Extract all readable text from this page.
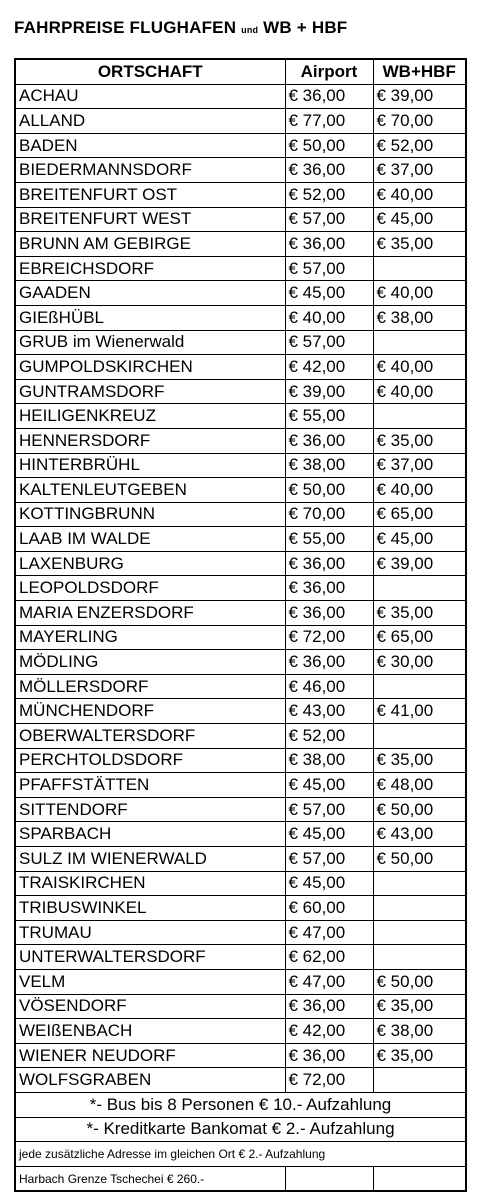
FAHRPREISE FLUGHAFEN und WB + HBF
ORTSCHAFT	Airport	WB+HBF
ACHAU	€ 36,00	€ 39,00
ALLAND	€ 77,00	€ 70,00
BADEN	€ 50,00	€ 52,00
BIEDERMANNSDORF	€ 36,00	€ 37,00
BREITENFURT OST	€ 52,00	€ 40,00
BREITENFURT WEST	€ 57,00	€ 45,00
BRUNN AM GEBIRGE	€ 36,00	€ 35,00
EBREICHSDORF	€ 57,00	
GAADEN	€ 45,00	€ 40,00
GIEßHÜBL	€ 40,00	€ 38,00
GRUB im Wienerwald	€ 57,00	
GUMPOLDSKIRCHEN	€ 42,00	€ 40,00
GUNTRAMSDORF	€ 39,00	€ 40,00
HEILIGENKREUZ	€ 55,00	
HENNERSDORF	€ 36,00	€ 35,00
HINTERBRÜHL	€ 38,00	€ 37,00
KALTENLEUTGEBEN	€ 50,00	€ 40,00
KOTTINGBRUNN	€ 70,00	€ 65,00
LAAB IM WALDE	€ 55,00	€ 45,00
LAXENBURG	€ 36,00	€ 39,00
LEOPOLDSDORF	€ 36,00	
MARIA ENZERSDORF	€ 36,00	€ 35,00
MAYERLING	€ 72,00	€ 65,00
MÖDLING	€ 36,00	€ 30,00
MÖLLERSDORF	€ 46,00	
MÜNCHENDORF	€ 43,00	€ 41,00
OBERWALTERSDORF	€ 52,00	
PERCHTOLDSDORF	€ 38,00	€ 35,00
PFAFFSTÄTTEN	€ 45,00	€ 48,00
SITTENDORF	€ 57,00	€ 50,00
SPARBACH	€ 45,00	€ 43,00
SULZ IM WIENERWALD	€ 57,00	€ 50,00
TRAISKIRCHEN	€ 45,00	
TRIBUSWINKEL	€ 60,00	
TRUMAU	€ 47,00	
UNTERWALTERSDORF	€ 62,00	
VELM	€ 47,00	€ 50,00
VÖSENDORF	€ 36,00	€ 35,00
WEIßENBACH	€ 42,00	€ 38,00
WIENER NEUDORF	€ 36,00	€ 35,00
WOLFSGRABEN	€ 72,00	
*- Bus bis 8 Personen € 10.- Aufzahlung		
*- Kreditkarte Bankomat € 2.- Aufzahlung		
jede zusätzliche Adresse im gleichen Ort € 2.- Aufzahlung		
Harbach Grenze Tschechei € 260.-		
